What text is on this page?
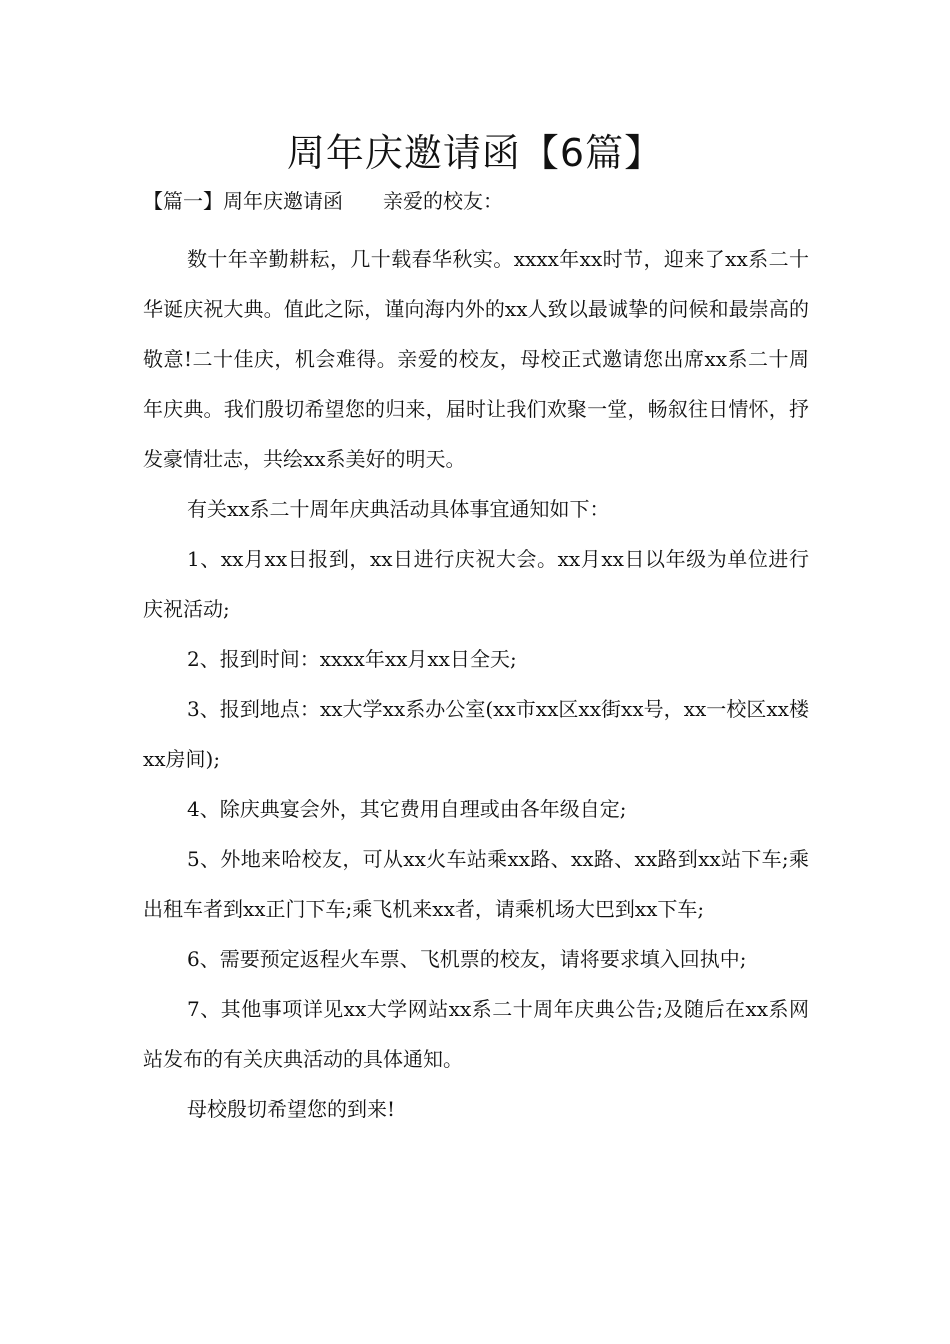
周年庆邀请函【6篇】
【篇一】周年庆邀请函 亲爱的校友：

数十年辛勤耕耘，几十载春华秋实。xxxx年xx时节，迎来了xx系二十华诞庆祝大典。值此之际，谨向海内外的xx人致以最诚挚的问候和最崇高的敬意!二十佳庆，机会难得。亲爱的校友，母校正式邀请您出席xx系二十周年庆典。我们殷切希望您的归来，届时让我们欢聚一堂，畅叙往日情怀，抒发豪情壮志，共绘xx系美好的明天。

有关xx系二十周年庆典活动具体事宜通知如下：

1、xx月xx日报到，xx日进行庆祝大会。xx月xx日以年级为单位进行庆祝活动;

2、报到时间：xxxx年xx月xx日全天;

3、报到地点：xx大学xx系办公室(xx市xx区xx街xx号，xx一校区xx楼xx房间);

4、除庆典宴会外，其它费用自理或由各年级自定;

5、外地来哈校友，可从xx火车站乘xx路、xx路、xx路到xx站下车;乘出租车者到xx正门下车;乘飞机来xx者，请乘机场大巴到xx下车;

6、需要预定返程火车票、飞机票的校友，请将要求填入回执中;

7、其他事项详见xx大学网站xx系二十周年庆典公告;及随后在xx系网站发布的有关庆典活动的具体通知。

母校殷切希望您的到来!
